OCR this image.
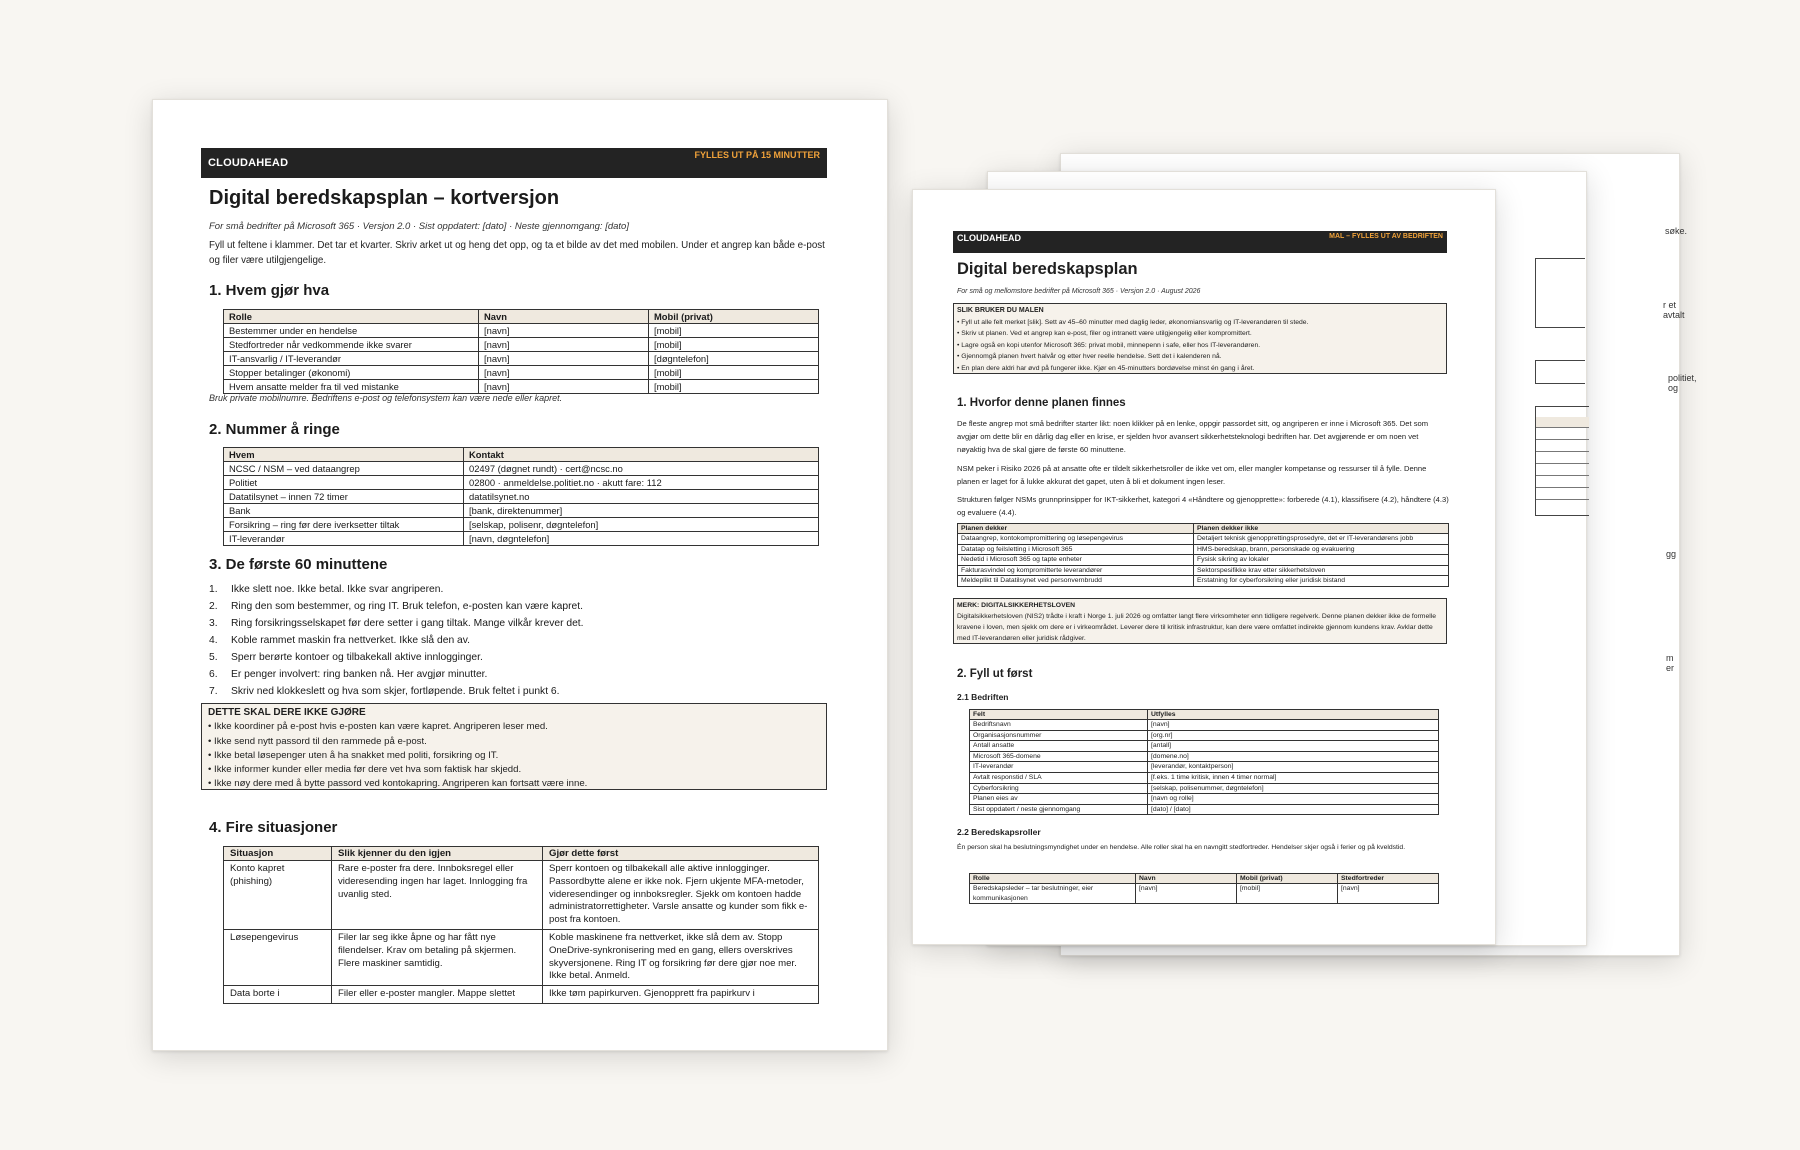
søke.
r et avtalt
politiet, og
gg
m er
CLOUDAHEAD
FYLLES UT PÅ 15 MINUTTER
Digital beredskapsplan – kortversjon
For små bedrifter på Microsoft 365 · Versjon 2.0 · Sist oppdatert: [dato] · Neste gjennomgang: [dato]
Fyll ut feltene i klammer. Det tar et kvarter. Skriv arket ut og heng det opp, og ta et bilde av det med mobilen. Under et angrep kan både e-post og filer være utilgjengelige.
1. Hvem gjør hva
Rolle	Navn	Mobil (privat)
Bestemmer under en hendelse	[navn]	[mobil]
Stedfortreder når vedkommende ikke svarer	[navn]	[mobil]
IT-ansvarlig / IT-leverandør	[navn]	[døgntelefon]
Stopper betalinger (økonomi)	[navn]	[mobil]
Hvem ansatte melder fra til ved mistanke	[navn]	[mobil]
Bruk private mobilnumre. Bedriftens e-post og telefonsystem kan være nede eller kapret.
2. Nummer å ringe
Hvem	Kontakt
NCSC / NSM – ved dataangrep	02497 (døgnet rundt) · cert@ncsc.no
Politiet	02800 · anmeldelse.politiet.no · akutt fare: 112
Datatilsynet – innen 72 timer	datatilsynet.no
Bank	[bank, direktenummer]
Forsikring – ring før dere iverksetter tiltak	[selskap, polisenr, døgntelefon]
IT-leverandør	[navn, døgntelefon]
3. De første 60 minuttene
1.	Ikke slett noe. Ikke betal. Ikke svar angriperen.
2.	Ring den som bestemmer, og ring IT. Bruk telefon, e-posten kan være kapret.
3.	Ring forsikringsselskapet før dere setter i gang tiltak. Mange vilkår krever det.
4.	Koble rammet maskin fra nettverket. Ikke slå den av.
5.	Sperr berørte kontoer og tilbakekall aktive innlogginger.
6.	Er penger involvert: ring banken nå. Her avgjør minutter.
7.	Skriv ned klokkeslett og hva som skjer, fortløpende. Bruk feltet i punkt 6.
DETTE SKAL DERE IKKE GJØRE
• Ikke koordiner på e-post hvis e-posten kan være kapret. Angriperen leser med.
• Ikke send nytt passord til den rammede på e-post.
• Ikke betal løsepenger uten å ha snakket med politi, forsikring og IT.
• Ikke informer kunder eller media før dere vet hva som faktisk har skjedd.
• Ikke nøy dere med å bytte passord ved kontokapring. Angriperen kan fortsatt være inne.
4. Fire situasjoner
Situasjon	Slik kjenner du den igjen	Gjør dette først
Konto kapret (phishing)	Rare e-poster fra dere. Innboksregel eller videresending ingen har laget. Innlogging fra uvanlig sted.	Sperr kontoen og tilbakekall alle aktive innlogginger. Passordbytte alene er ikke nok. Fjern ukjente MFA-metoder, videresendinger og innboksregler. Sjekk om kontoen hadde administratorrettigheter. Varsle ansatte og kunder som fikk e-post fra kontoen.
Løsepengevirus	Filer lar seg ikke åpne og har fått nye filendelser. Krav om betaling på skjermen. Flere maskiner samtidig.	Koble maskinene fra nettverket, ikke slå dem av. Stopp OneDrive-synkronisering med en gang, ellers overskrives skyversjonene. Ring IT og forsikring før dere gjør noe mer. Ikke betal. Anmeld.
Data borte i	Filer eller e-poster mangler. Mappe slettet	Ikke tøm papirkurven. Gjenopprett fra papirkurv i
CLOUDAHEAD	MAL – FYLLES UT AV BEDRIFTEN
Digital beredskapsplan
For små og mellomstore bedrifter på Microsoft 365 · Versjon 2.0 · August 2026
SLIK BRUKER DU MALEN
• Fyll ut alle felt merket [slik]. Sett av 45–60 minutter med daglig leder, økonomiansvarlig og IT-leverandøren til stede.
• Skriv ut planen. Ved et angrep kan e-post, filer og intranett være utilgjengelig eller kompromittert.
• Lagre også en kopi utenfor Microsoft 365: privat mobil, minnepenn i safe, eller hos IT-leverandøren.
• Gjennomgå planen hvert halvår og etter hver reelle hendelse. Sett det i kalenderen nå.
• En plan dere aldri har øvd på fungerer ikke. Kjør en 45-minutters bordøvelse minst én gang i året.
1. Hvorfor denne planen finnes
De fleste angrep mot små bedrifter starter likt: noen klikker på en lenke, oppgir passordet sitt, og angriperen er inne i Microsoft 365. Det som avgjør om dette blir en dårlig dag eller en krise, er sjelden hvor avansert sikkerhetsteknologi bedriften har. Det avgjørende er om noen vet nøyaktig hva de skal gjøre de første 60 minuttene.
NSM peker i Risiko 2026 på at ansatte ofte er tildelt sikkerhetsroller de ikke vet om, eller mangler kompetanse og ressurser til å fylle. Denne planen er laget for å lukke akkurat det gapet, uten å bli et dokument ingen leser.
Strukturen følger NSMs grunnprinsipper for IKT-sikkerhet, kategori 4 «Håndtere og gjenopprette»: forberede (4.1), klassifisere (4.2), håndtere (4.3) og evaluere (4.4).
Planen dekker	Planen dekker ikke
Dataangrep, kontokompromittering og løsepengevirus	Detaljert teknisk gjenopprettingsprosedyre, det er IT-leverandørens jobb
Datatap og feilsletting i Microsoft 365	HMS-beredskap, brann, personskade og evakuering
Nedetid i Microsoft 365 og tapte enheter	Fysisk sikring av lokaler
Fakturasvindel og kompromitterte leverandører	Sektorspesifikke krav etter sikkerhetsloven
Meldeplikt til Datatilsynet ved personvernbrudd	Erstatning for cyberforsikring eller juridisk bistand
MERK: DIGITALSIKKERHETSLOVEN
Digitalsikkerhetsloven (NIS2) trådte i kraft i Norge 1. juli 2026 og omfatter langt flere virksomheter enn tidligere regelverk. Denne planen dekker ikke de formelle kravene i loven, men sjekk om dere er i virkeområdet. Leverer dere til kritisk infrastruktur, kan dere være omfattet indirekte gjennom kundens krav. Avklar dette med IT-leverandøren eller juridisk rådgiver.
2. Fyll ut først
2.1 Bedriften
Felt	Utfylles
Bedriftsnavn	[navn]
Organisasjonsnummer	[org.nr]
Antall ansatte	[antall]
Microsoft 365-domene	[domene.no]
IT-leverandør	[leverandør, kontaktperson]
Avtalt responstid / SLA	[f.eks. 1 time kritisk, innen 4 timer normal]
Cyberforsikring	[selskap, polisenummer, døgntelefon]
Planen eies av	[navn og rolle]
Sist oppdatert / neste gjennomgang	[dato] / [dato]
2.2 Beredskapsroller
Én person skal ha beslutningsmyndighet under en hendelse. Alle roller skal ha en navngitt stedfortreder. Hendelser skjer også i ferier og på kveldstid.
Rolle	Navn	Mobil (privat)	Stedfortreder
Beredskapsleder – tar beslutninger, eier kommunikasjonen	[navn]	[mobil]	[navn]
